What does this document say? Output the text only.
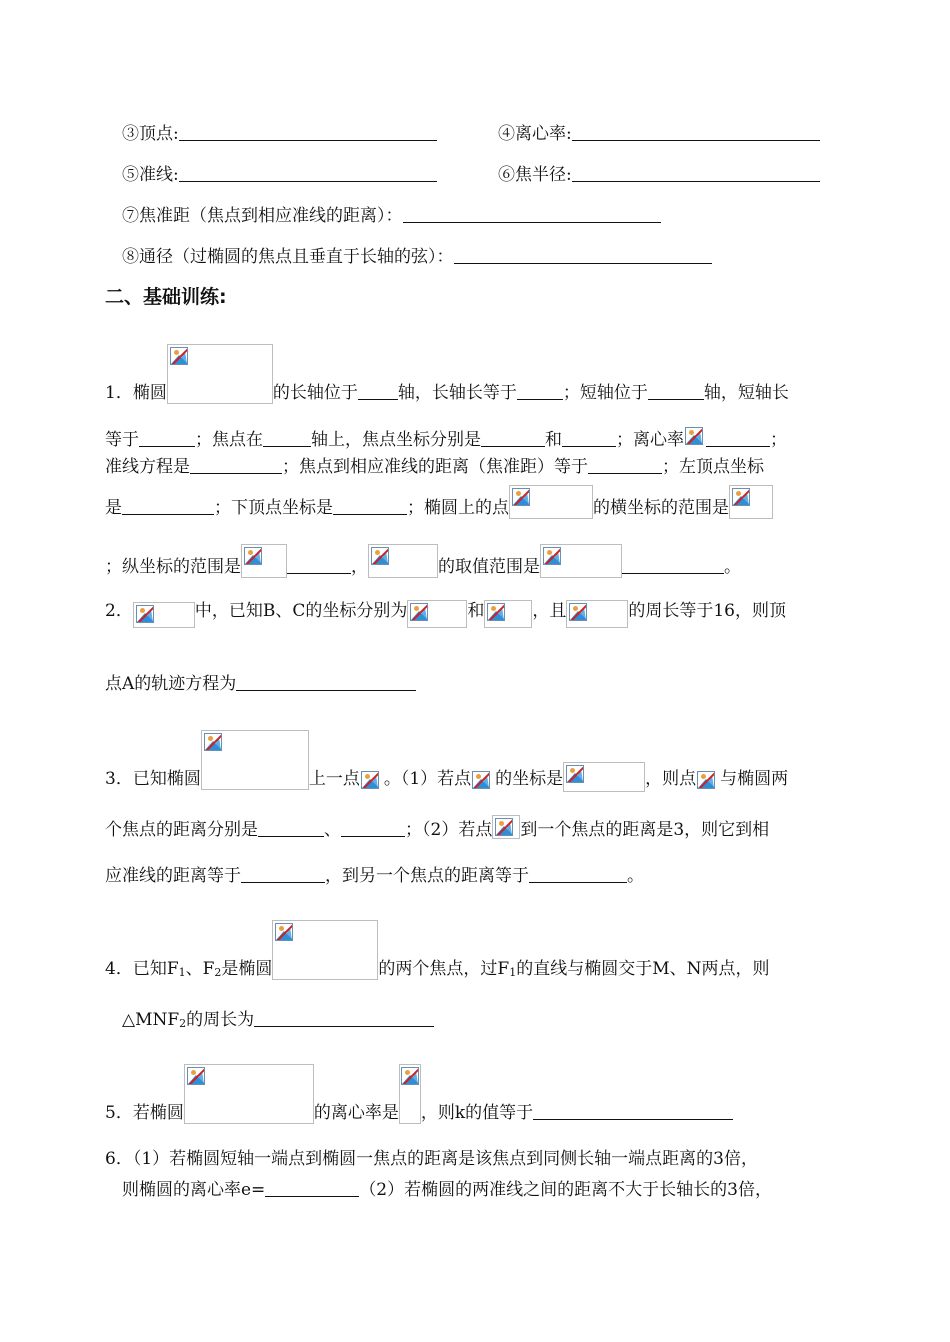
③顶点:	④离心率:
⑤准线:	⑥焦半径:
⑦焦准距（焦点到相应准线的距离）：
⑧通径（过椭圆的焦点且垂直于长轴的弦）：
二、基础训练:
1．椭圆	的长轴位于 轴，长轴长等于	；短轴位于	轴，短轴长
等于	；焦点在	轴上，焦点坐标分别是	和	；离心率	；
准线方程是	；焦点到相应准线的距离（焦准距）等于	；左顶点坐标
是	；下顶点坐标是	；椭圆上的点	的横坐标的范围是
；纵坐标的范围是	，	的取值范围是	。
2．	中，已知B、C的坐标分别为	和	，且	的周长等于16，则顶
点A的轨迹方程为
3．已知椭圆	上一点 。（1）若点 的坐标是	，则点 与椭圆两
个焦点的距离分别是	、	；（2）若点 到一个焦点的距离是3，则它到相
应准线的距离等于	，到另一个焦点的距离等于	。
4．已知$F_1$、$F_2$是椭圆	的两个焦点，过$F_1$的直线与椭圆交于M、N两点，则
$\triangle MNF_2$的周长为
5．若椭圆	的离心率是 ，则k的值等于
6．（1）若椭圆短轴一端点到椭圆一焦点的距离是该焦点到同侧长轴一端点距离的3倍，
则椭圆的离心率e=	（2）若椭圆的两准线之间的距离不大于长轴长的3倍，
